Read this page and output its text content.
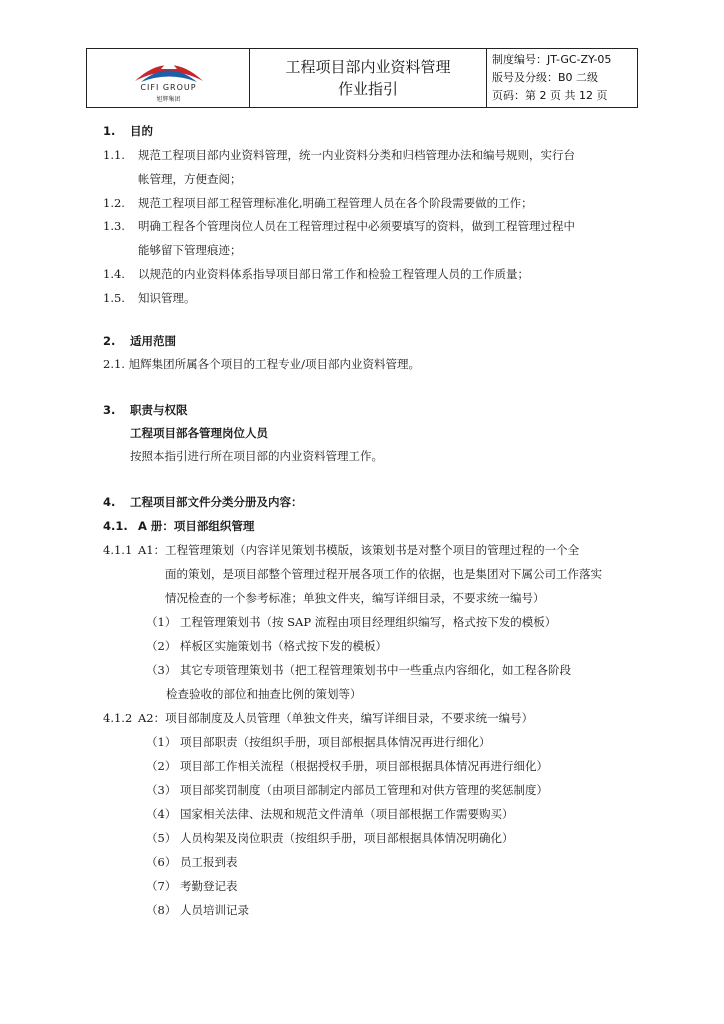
CIFI GROUP
旭辉集团
工程项目部内业资料管理
作业指引
制度编号：JT-GC-ZY-05
版号及分级：B0 二级
页码：第 2 页 共 12 页
1. 目的
1.1. 规范工程项目部内业资料管理，统一内业资料分类和归档管理办法和编号规则，实行台
帐管理，方便查阅；
1.2. 规范工程项目部工程管理标准化,明确工程管理人员在各个阶段需要做的工作；
1.3. 明确工程各个管理岗位人员在工程管理过程中必须要填写的资料，做到工程管理过程中
能够留下管理痕迹；
1.4. 以规范的内业资料体系指导项目部日常工作和检验工程管理人员的工作质量；
1.5. 知识管理。
2. 适用范围
2.1. 旭辉集团所属各个项目的工程专业/项目部内业资料管理。
3. 职责与权限
工程项目部各管理岗位人员
按照本指引进行所在项目部的内业资料管理工作。
4. 工程项目部文件分类分册及内容：
4.1. A 册：项目部组织管理
4.1.1 A1：工程管理策划（内容详见策划书模版，该策划书是对整个项目的管理过程的一个全
面的策划，是项目部整个管理过程开展各项工作的依据，也是集团对下属公司工作落实
情况检查的一个参考标准；单独文件夹，编写详细目录，不要求统一编号）
（1） 工程管理策划书（按 SAP 流程由项目经理组织编写，格式按下发的模板）
（2） 样板区实施策划书（格式按下发的模板）
（3） 其它专项管理策划书（把工程管理策划书中一些重点内容细化，如工程各阶段
检查验收的部位和抽查比例的策划等）
4.1.2 A2：项目部制度及人员管理（单独文件夹，编写详细目录，不要求统一编号）
（1） 项目部职责（按组织手册，项目部根据具体情况再进行细化）
（2） 项目部工作相关流程（根据授权手册，项目部根据具体情况再进行细化）
（3） 项目部奖罚制度（由项目部制定内部员工管理和对供方管理的奖惩制度）
（4） 国家相关法律、法规和规范文件清单（项目部根据工作需要购买）
（5） 人员构架及岗位职责（按组织手册，项目部根据具体情况明确化）
（6） 员工报到表
（7） 考勤登记表
（8） 人员培训记录
